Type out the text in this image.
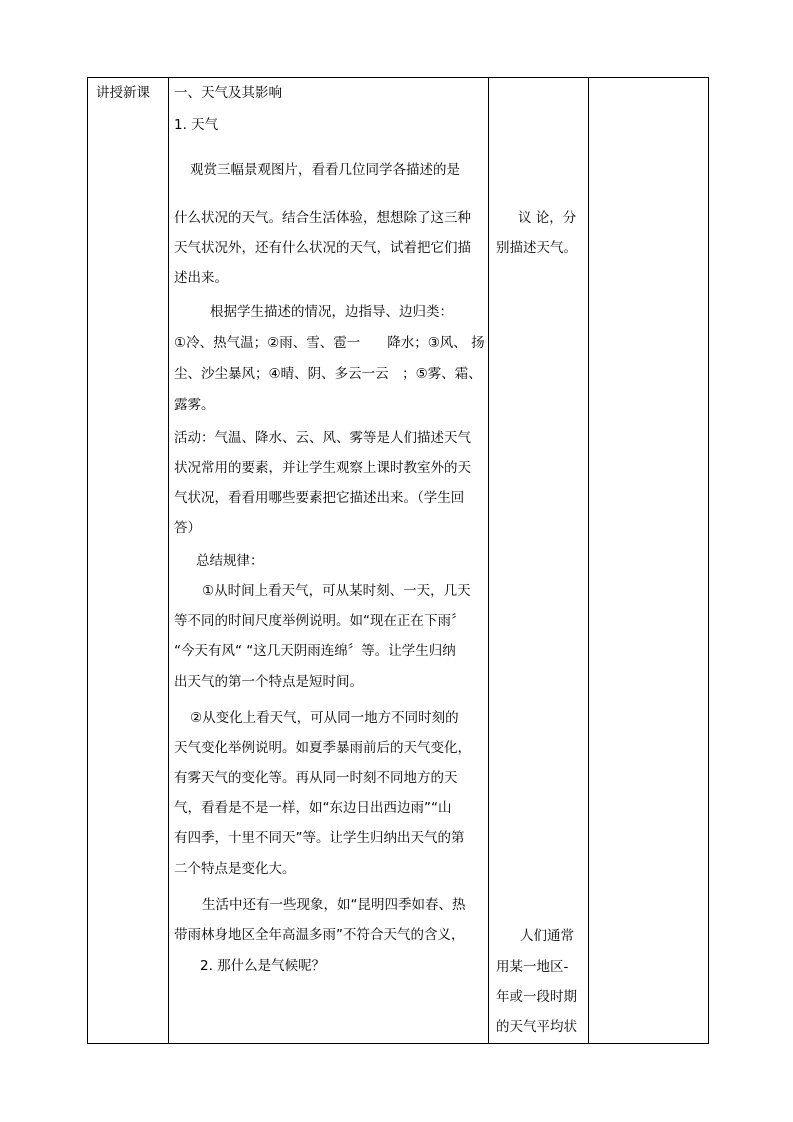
讲授新课 一、天气及其影响
1. 天气
观赏三幅景观图片，看看几位同学各描述的是
什么状况的天气。结合生活体验，想想除了这三种
天气状况外，还有什么状况的天气，试着把它们描
述出来。
根据学生描述的情况，边指导、边归类：
①冷、热气温；②雨、雪、雹一　　降水；③风、 扬
尘、沙尘暴风；④晴、阴、多云一云　；⑤雾、霜、
露雾。
活动：气温、降水、云、风、雾等是人们描述天气
状况常用的要素，并让学生观察上课时教室外的天
气状况，看看用哪些要素把它描述出来。（学生回
答）
总结规律：
①从时间上看天气，可从某时刻、一天，几天
等不同的时间尺度举例说明。如“现在正在下雨〞
“今天有风“ “这几天阴雨连绵〞等。让学生归纳
出天气的第一个特点是短时间。
②从变化上看天气，可从同一地方不同时刻的
天气变化举例说明。如夏季暴雨前后的天气变化，
有雾天气的变化等。再从同一时刻不同地方的天
气，看看是不是一样，如“东边日出西边雨”“山
有四季，十里不同天”等。让学生归纳出天气的第
二个特点是变化大。
生活中还有一些现象，如“昆明四季如春、热
带雨林身地区全年高温多雨”不符合天气的含义，
2. 那什么是气候呢？
议 论，分
别描述天气。
人们通常
用某一地区-
年或一段时期
的天气平均状
